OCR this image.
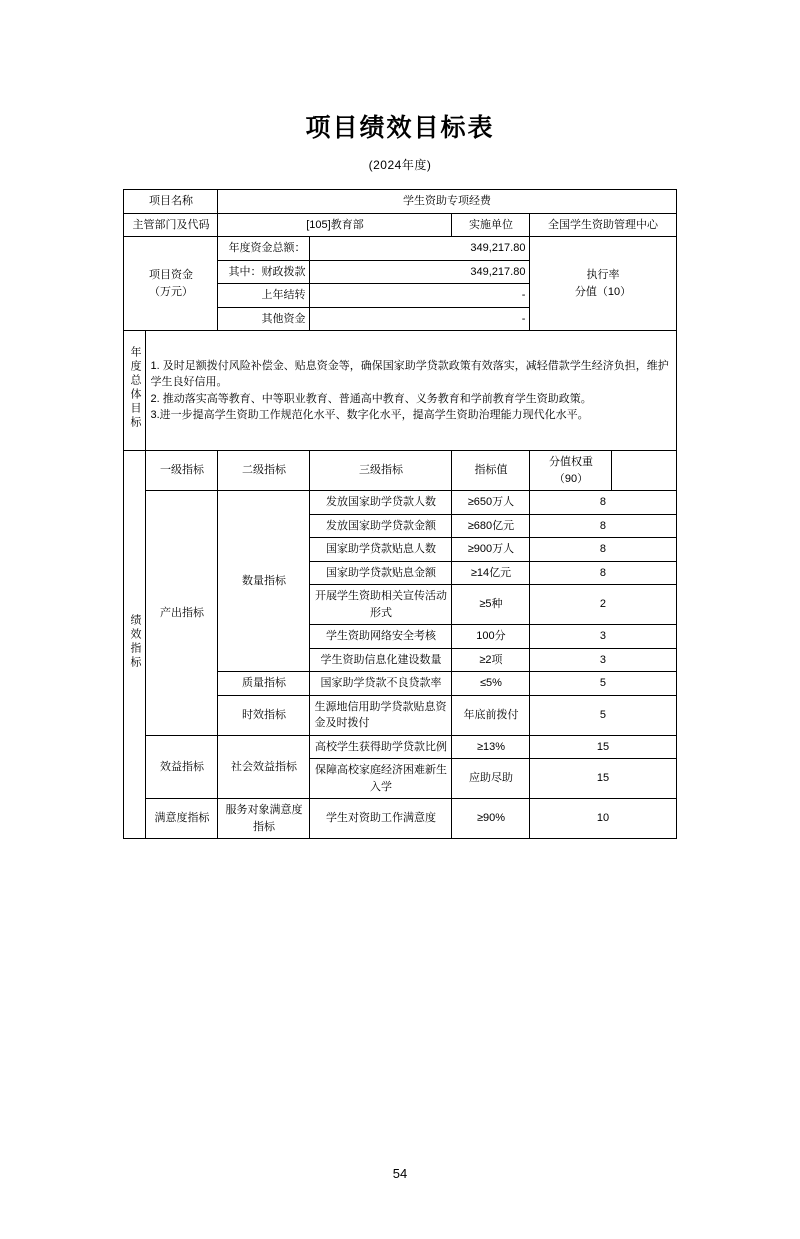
项目绩效目标表
(2024年度)
项目名称		学生资助专项经费				
主管部门及代码		[105]教育部		实施单位	全国学生资助管理中心	

项目资金
（万元）
	年度资金总额：	349,217.80	
执行率
分值（10）

		其中：财政拨款	349,217.80			
		上年结转	-			
		其他资金	-			
年度总体目标	1. 及时足额拨付风险补偿金、贴息资金等，确保国家助学贷款政策有效落实，减轻借款学生经济负担，维护学生良好信用。
2. 推动落实高等教育、中等职业教育、普通高中教育、义务教育和学前教育学生资助政策。
3.进一步提高学生资助工作规范化水平、数字化水平，提高学生资助治理能力现代化水平。					

绩效指标	一级指标	二级指标	三级指标	指标值	分值权重
（90）	

	产出指标	数量指标	发放国家助学贷款人数	≥650万人	8	
			发放国家助学贷款金额	≥680亿元	8	
			国家助学贷款贴息人数	≥900万人	8	
			国家助学贷款贴息金额	≥14亿元	8	
			开展学生资助相关宣传活动形式	≥5种	2	
			学生资助网络安全考核	100分	3	
			学生资助信息化建设数量	≥2项	3	
		质量指标	国家助学贷款不良贷款率	≤5%	5	
		时效指标	生源地信用助学贷款贴息资金及时拨付	年底前拨付	5	
	效益指标	社会效益指标	高校学生获得助学贷款比例	≥13%	15	
			保障高校家庭经济困难新生入学	应助尽助	15	
	满意度指标	服务对象满意度指标	学生对资助工作满意度	≥90%	10	
54
